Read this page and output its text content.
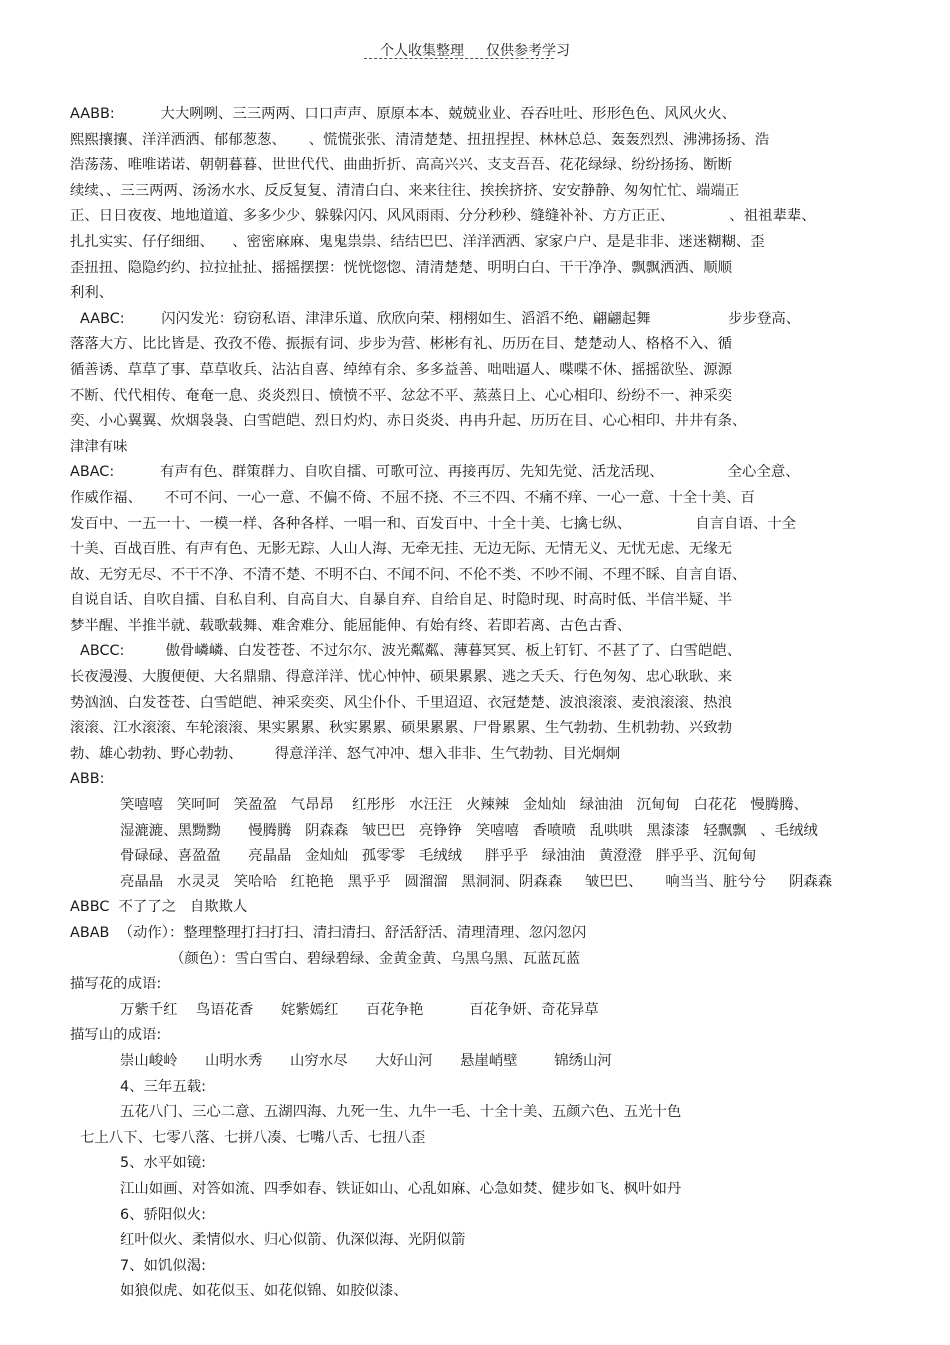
个人收集整理 仅供参考学习
AABB:          大大咧咧、三三两两、口口声声、原原本本、兢兢业业、吞吞吐吐、形形色色、风风火火、
熙熙攘攘、洋洋洒洒、郁郁葱葱、     、慌慌张张、清清楚楚、扭扭捏捏、林林总总、轰轰烈烈、沸沸扬扬、浩
浩荡荡、唯唯诺诺、朝朝暮暮、世世代代、曲曲折折、高高兴兴、支支吾吾、花花绿绿、纷纷扬扬、断断
续续、、三三两两、汤汤水水、反反复复、清清白白、来来往往、挨挨挤挤、安安静静、匆匆忙忙、端端正
正、日日夜夜、地地道道、多多少少、躲躲闪闪、风风雨雨、分分秒秒、缝缝补补、方方正正、            、祖祖辈辈、
扎扎实实、仔仔细细、    、密密麻麻、鬼鬼祟祟、结结巴巴、洋洋洒洒、家家户户、是是非非、迷迷糊糊、歪
歪扭扭、隐隐约约、拉拉扯扯、摇摇摆摆：恍恍惚惚、清清楚楚、明明白白、干干净净、飘飘洒洒、顺顺
利利、
AABC:        闪闪发光：窃窃私语、津津乐道、欣欣向荣、栩栩如生、滔滔不绝、翩翩起舞                 步步登高、
落落大方、比比皆是、孜孜不倦、振振有词、步步为营、彬彬有礼、历历在目、楚楚动人、格格不入、循
循善诱、草草了事、草草收兵、沾沾自喜、绰绰有余、多多益善、咄咄逼人、喋喋不休、摇摇欲坠、源源
不断、代代相传、奄奄一息、炎炎烈日、愤愤不平、忿忿不平、蒸蒸日上、心心相印、纷纷不一、神采奕
奕、小心翼翼、炊烟袅袅、白雪皑皑、烈日灼灼、赤日炎炎、冉冉升起、历历在目、心心相印、井井有条、
津津有味
ABAC:          有声有色、群策群力、自吹自擂、可歌可泣、再接再厉、先知先觉、活龙活现、              全心全意、
作威作福、     不可不问、一心一意、不偏不倚、不屈不挠、不三不四、不痛不痒、一心一意、十全十美、百
发百中、一五一十、一模一样、各种各样、一唱一和、百发百中、十全十美、七擒七纵、              自言自语、十全
十美、百战百胜、有声有色、无影无踪、人山人海、无牵无挂、无边无际、无情无义、无忧无虑、无缘无
故、无穷无尽、不干不净、不清不楚、不明不白、不闻不问、不伦不类、不吵不闹、不理不睬、自言自语、
自说自话、自吹自擂、自私自利、自高自大、自暴自弃、自给自足、时隐时现、时高时低、半信半疑、半
梦半醒、半推半就、载歌载舞、难舍难分、能屈能伸、有始有终、若即若离、古色古香、
ABCC:         傲骨嶙嶙、白发苍苍、不过尔尔、波光粼粼、薄暮冥冥、板上钉钉、不甚了了、白雪皑皑、
长夜漫漫、大腹便便、大名鼎鼎、得意洋洋、忧心忡忡、硕果累累、逃之夭夭、行色匆匆、忠心耿耿、来
势汹汹、白发苍苍、白雪皑皑、神采奕奕、风尘仆仆、千里迢迢、衣冠楚楚、波浪滚滚、麦浪滚滚、热浪
滚滚、江水滚滚、车轮滚滚、果实累累、秋实累累、硕果累累、尸骨累累、生气勃勃、生机勃勃、兴致勃
勃、雄心勃勃、野心勃勃、       得意洋洋、怒气冲冲、想入非非、生气勃勃、目光炯炯
ABB:
笑嘻嘻   笑呵呵   笑盈盈   气昂昂    红彤彤   水汪汪   火辣辣   金灿灿   绿油油   沉甸甸   白花花   慢腾腾、
湿漉漉、黑黝黝      慢腾腾   阴森森   皱巴巴   亮铮铮   笑嘻嘻   香喷喷   乱哄哄   黑漆漆   轻飘飘   、毛绒绒
骨碌碌、喜盈盈      亮晶晶   金灿灿   孤零零   毛绒绒     胖乎乎   绿油油   黄澄澄   胖乎乎、沉甸甸
亮晶晶   水灵灵   笑哈哈   红艳艳   黑乎乎   圆溜溜   黑洞洞、阴森森     皱巴巴、     响当当、脏兮兮     阴森森
ABBC  不了了之   自欺欺人
ABAB  （动作）：整理整理打扫打扫、清扫清扫、舒活舒活、清理清理、忽闪忽闪
（颜色）：雪白雪白、碧绿碧绿、金黄金黄、乌黑乌黑、瓦蓝瓦蓝
描写花的成语:
万紫千红    鸟语花香      姹紫嫣红      百花争艳          百花争妍、奇花异草
描写山的成语:
崇山峻岭      山明水秀      山穷水尽      大好山河      悬崖峭壁        锦绣山河
4、三年五载:
五花八门、三心二意、五湖四海、九死一生、九牛一毛、十全十美、五颜六色、五光十色
七上八下、七零八落、七拼八凑、七嘴八舌、七扭八歪
5、水平如镜:
江山如画、对答如流、四季如春、铁证如山、心乱如麻、心急如焚、健步如飞、枫叶如丹
6、骄阳似火:
红叶似火、柔情似水、归心似箭、仇深似海、光阴似箭
7、如饥似渴:
如狼似虎、如花似玉、如花似锦、如胶似漆、
